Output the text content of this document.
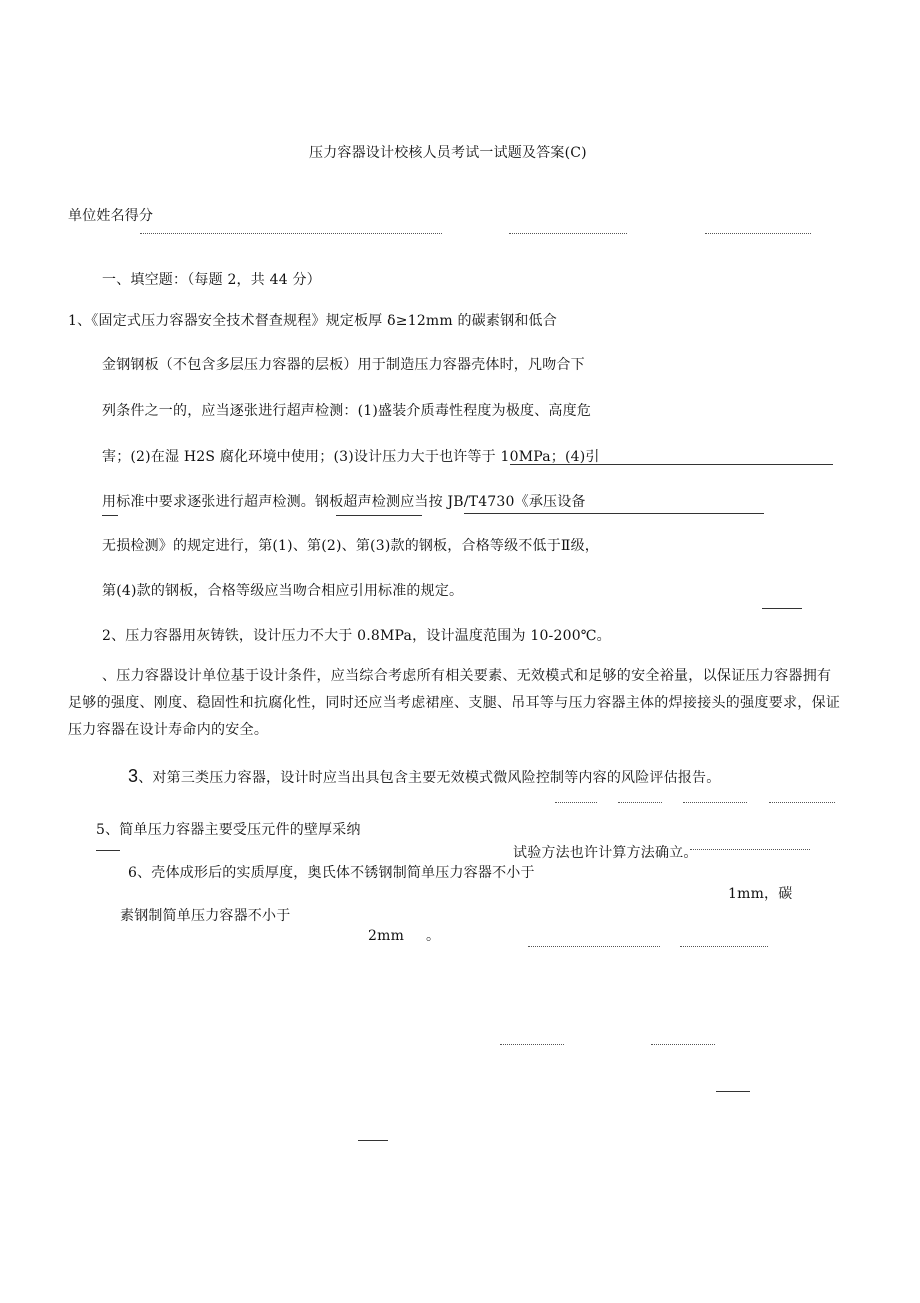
压力容器设计校核人员考试一试题及答案(C)
单位姓名得分
一、填空题：（每题 2，共 44 分）
1、《固定式压力容器安全技术督查规程》规定板厚 δ≥12mm 的碳素钢和低合
金钢钢板（不包含多层压力容器的层板）用于制造压力容器壳体时，凡吻合下
列条件之一的，应当逐张进行超声检测：(1)盛装介质毒性程度为极度、高度危
害；(2)在湿 H2S 腐化环境中使用；(3)设计压力大于也许等于 10MPa；(4)引
用标准中要求逐张进行超声检测。钢板超声检测应当按 JB/T4730《承压设备
无损检测》的规定进行，第(1)、第(2)、第(3)款的钢板，合格等级不低于Ⅱ级，
第(4)款的钢板，合格等级应当吻合相应引用标准的规定。
2、压力容器用灰铸铁，设计压力不大于 0.8MPa，设计温度范围为 10-200℃。
、压力容器设计单位基于设计条件，应当综合考虑所有相关要素、无效模式和足够的安全裕量，以保证压力容器拥有足够的强度、刚度、稳固性和抗腐化性，同时还应当考虑裙座、支腿、吊耳等与压力容器主体的焊接接头的强度要求，保证压力容器在设计寿命内的安全。
3、对第三类压力容器，设计时应当出具包含主要无效模式微风险控制等内容的风险评估报告。
5、简单压力容器主要受压元件的壁厚采纳
试验方法也许计算方法确立。
6、壳体成形后的实质厚度，奥氏体不锈钢制简单压力容器不小于
1mm，碳
素钢制简单压力容器不小于
2mm 。
